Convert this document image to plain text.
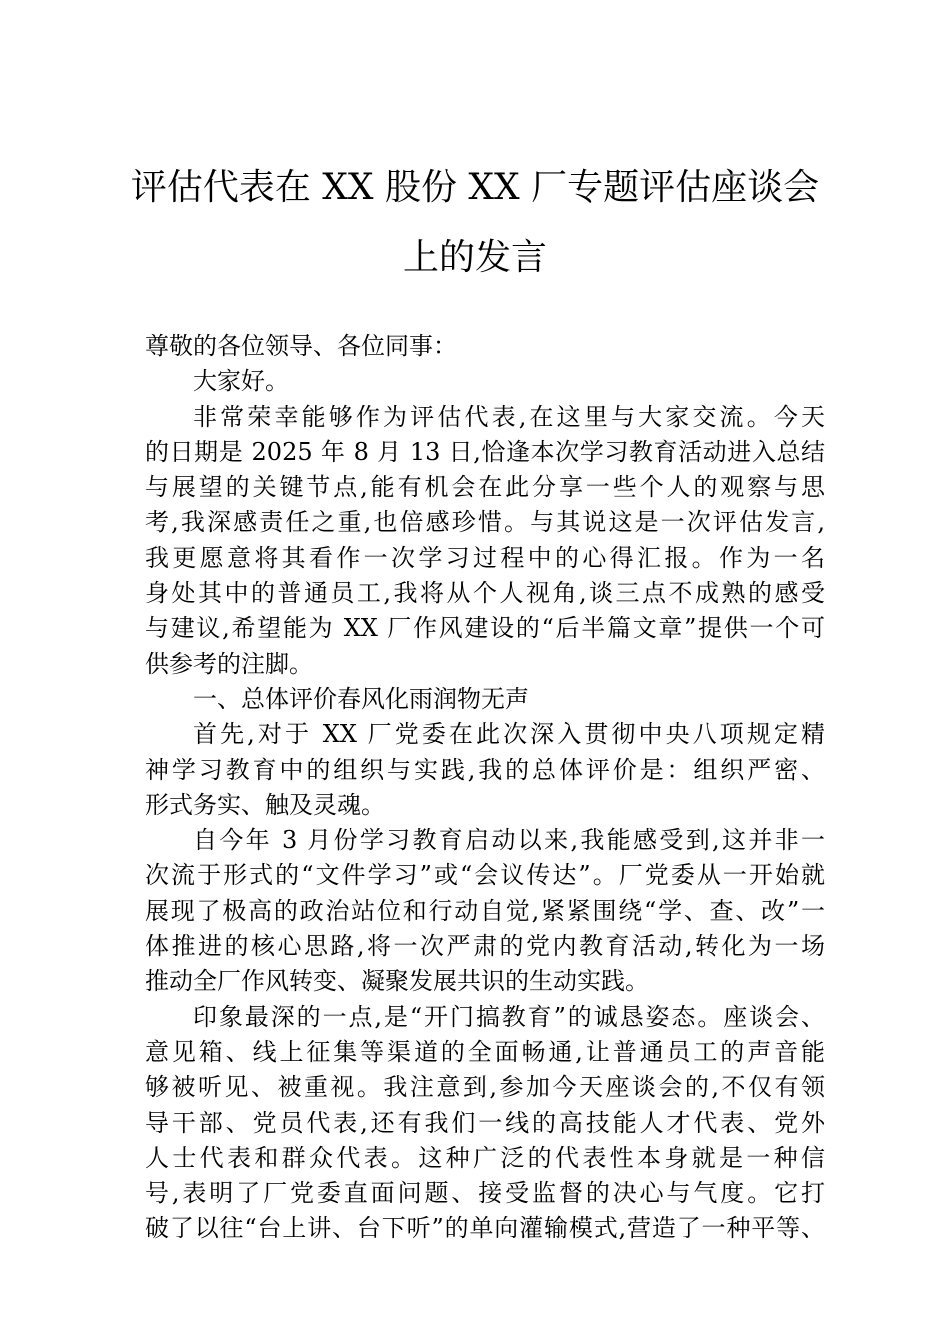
评估代表在 XX 股份 XX 厂专题评估座谈会
上的发言
尊敬的各位领导、各位同事：
大家好。
非常荣幸能够作为评估代表,在这里与大家交流。今天
的日期是 2025 年 8 月 13 日,恰逢本次学习教育活动进入总结
与展望的关键节点,能有机会在此分享一些个人的观察与思
考,我深感责任之重,也倍感珍惜。与其说这是一次评估发言,
我更愿意将其看作一次学习过程中的心得汇报。作为一名
身处其中的普通员工,我将从个人视角,谈三点不成熟的感受
与建议,希望能为 XX 厂作风建设的“后半篇文章”提供一个可
供参考的注脚。
一、总体评价春风化雨润物无声
首先,对于 XX 厂党委在此次深入贯彻中央八项规定精
神学习教育中的组织与实践,我的总体评价是：组织严密、
形式务实、触及灵魂。
自今年 3 月份学习教育启动以来,我能感受到,这并非一
次流于形式的“文件学习”或“会议传达”。厂党委从一开始就
展现了极高的政治站位和行动自觉,紧紧围绕“学、查、改”一
体推进的核心思路,将一次严肃的党内教育活动,转化为一场
推动全厂作风转变、凝聚发展共识的生动实践。
印象最深的一点,是“开门搞教育”的诚恳姿态。座谈会、
意见箱、线上征集等渠道的全面畅通,让普通员工的声音能
够被听见、被重视。我注意到,参加今天座谈会的,不仅有领
导干部、党员代表,还有我们一线的高技能人才代表、党外
人士代表和群众代表。这种广泛的代表性本身就是一种信
号,表明了厂党委直面问题、接受监督的决心与气度。它打
破了以往“台上讲、台下听”的单向灌输模式,营造了一种平等、
